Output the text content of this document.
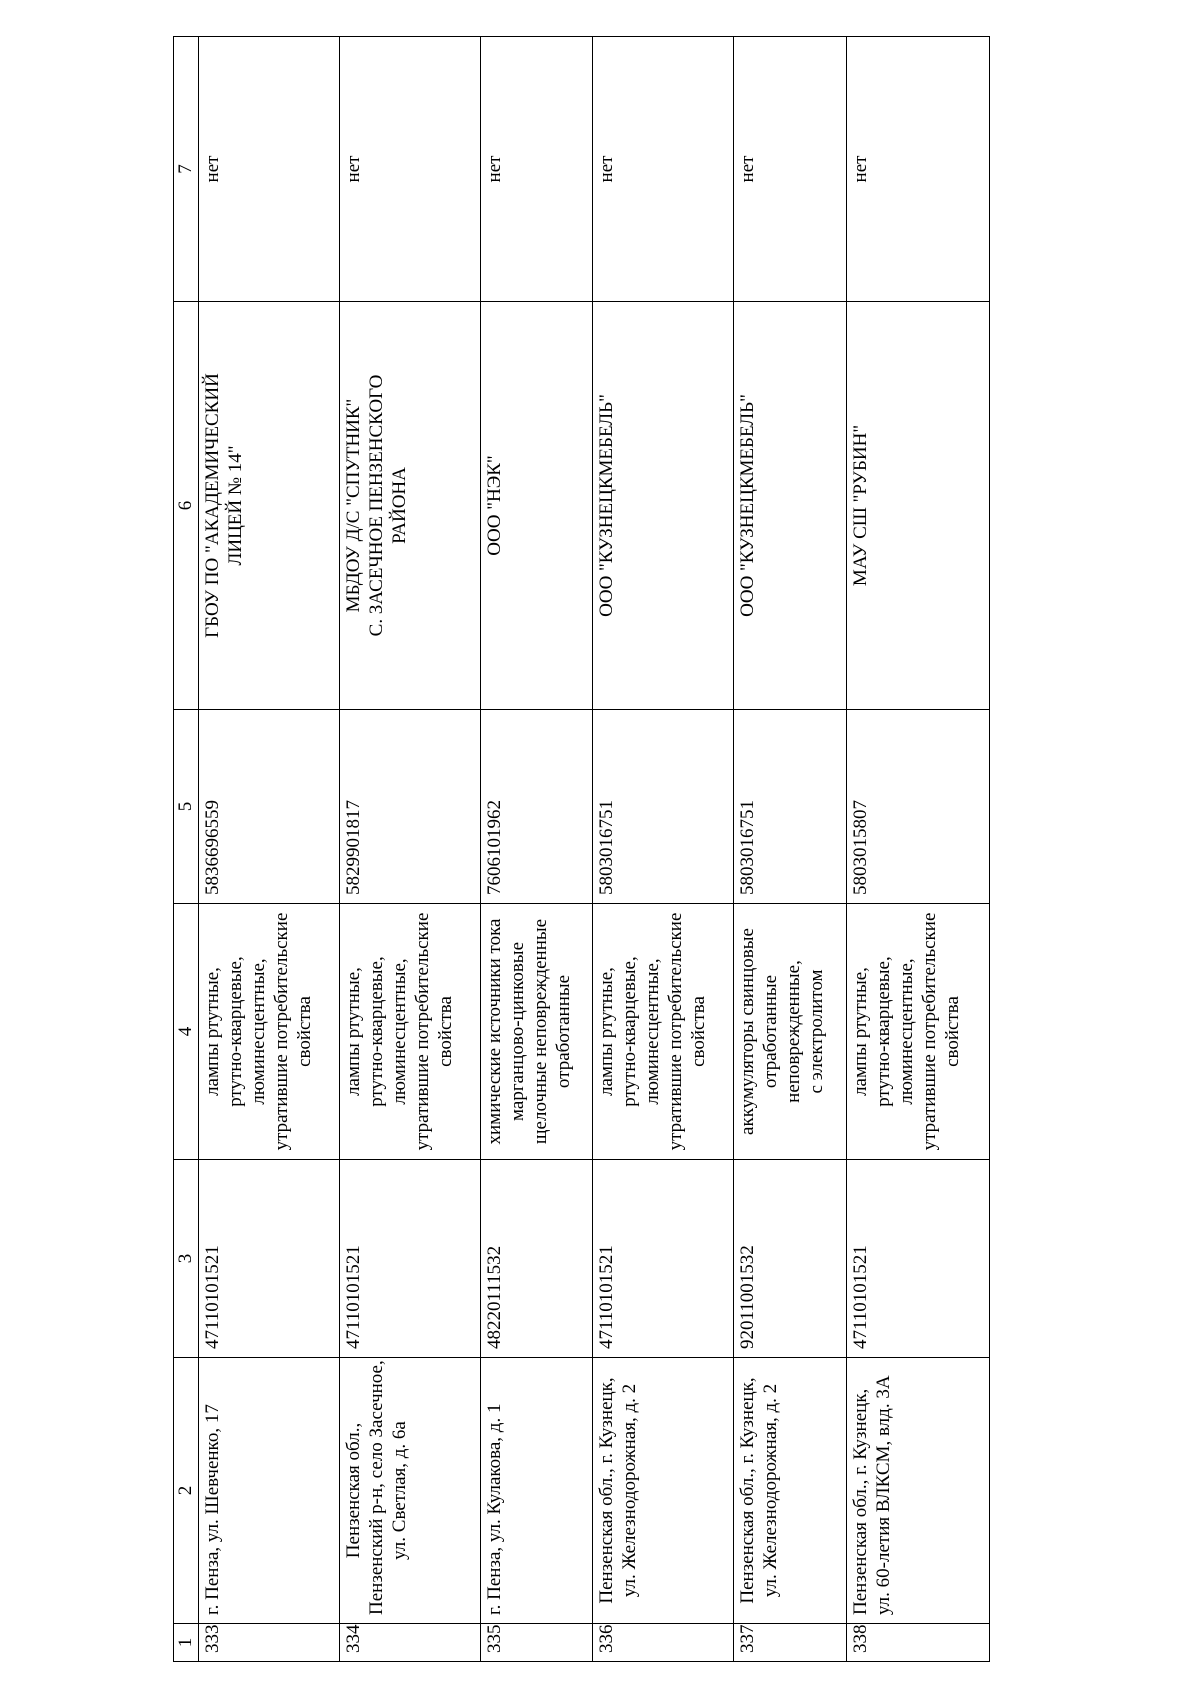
1	2	3	4	5	6	7
333	г. Пенза, ул. Шевченко, 17	47110101521	лампы ртутные, ртутно-кварцевые, люминесцентные, утратившие потребительские свойства	5836696559	ГБОУ ПО "АКАДЕМИЧЕСКИЙ ЛИЦЕЙ № 14"	нет
334	Пензенская обл., Пензенский р-н, село Засечное, ул. Светлая, д. 6а	47110101521	лампы ртутные, ртутно-кварцевые, люминесцентные, утратившие потребительские свойства	5829901817	МБДОУ Д/С "СПУТНИК" С. ЗАСЕЧНОЕ ПЕНЗЕНСКОГО РАЙОНА	нет
335	г. Пенза, ул. Кулакова, д. 1	48220111532	химические источники тока марганцово-цинковые щелочные неповрежденные отработанные	7606101962	ООО "НЭК"	нет
336	Пензенская обл., г. Кузнецк, ул. Железнодорожная, д. 2	47110101521	лампы ртутные, ртутно-кварцевые, люминесцентные, утратившие потребительские свойства	5803016751	ООО "КУЗНЕЦКМЕБЕЛЬ"	нет
337	Пензенская обл., г. Кузнецк, ул. Железнодорожная, д. 2	92011001532	аккумуляторы свинцовые отработанные неповрежденные, с электролитом	5803016751	ООО "КУЗНЕЦКМЕБЕЛЬ"	нет
338	Пензенская обл., г. Кузнецк, ул. 60-летия ВЛКСМ, влд. 3А	47110101521	лампы ртутные, ртутно-кварцевые, люминесцентные, утратившие потребительские свойства	5803015807	МАУ СШ "РУБИН"	нет
